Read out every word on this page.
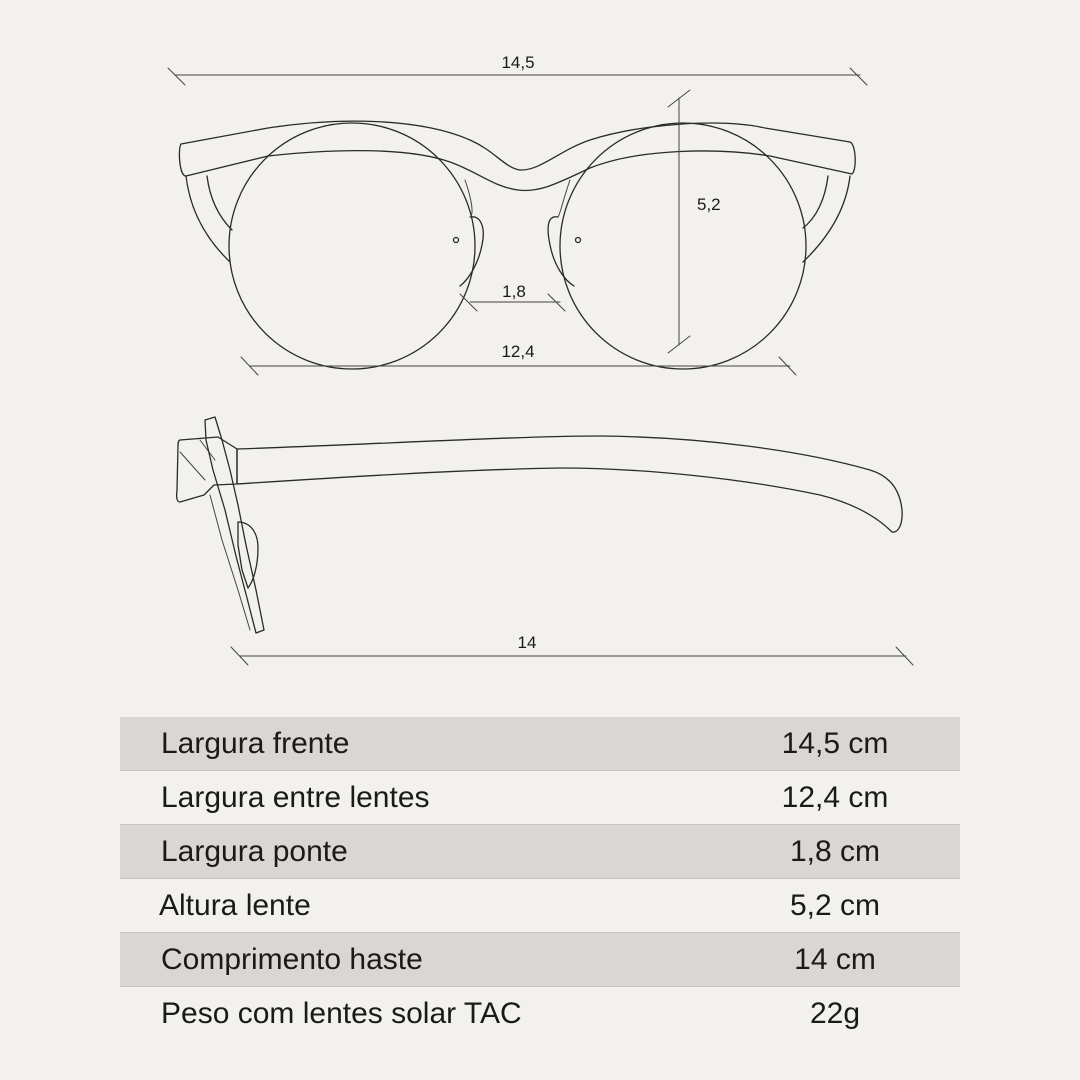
14,5
5,2
1,8
12,4
14
Largura frente	14,5 cm
Largura entre lentes	12,4 cm
Largura ponte	1,8 cm
Altura lente	5,2 cm
Comprimento haste	14 cm
Peso com lentes solar TAC	22g
